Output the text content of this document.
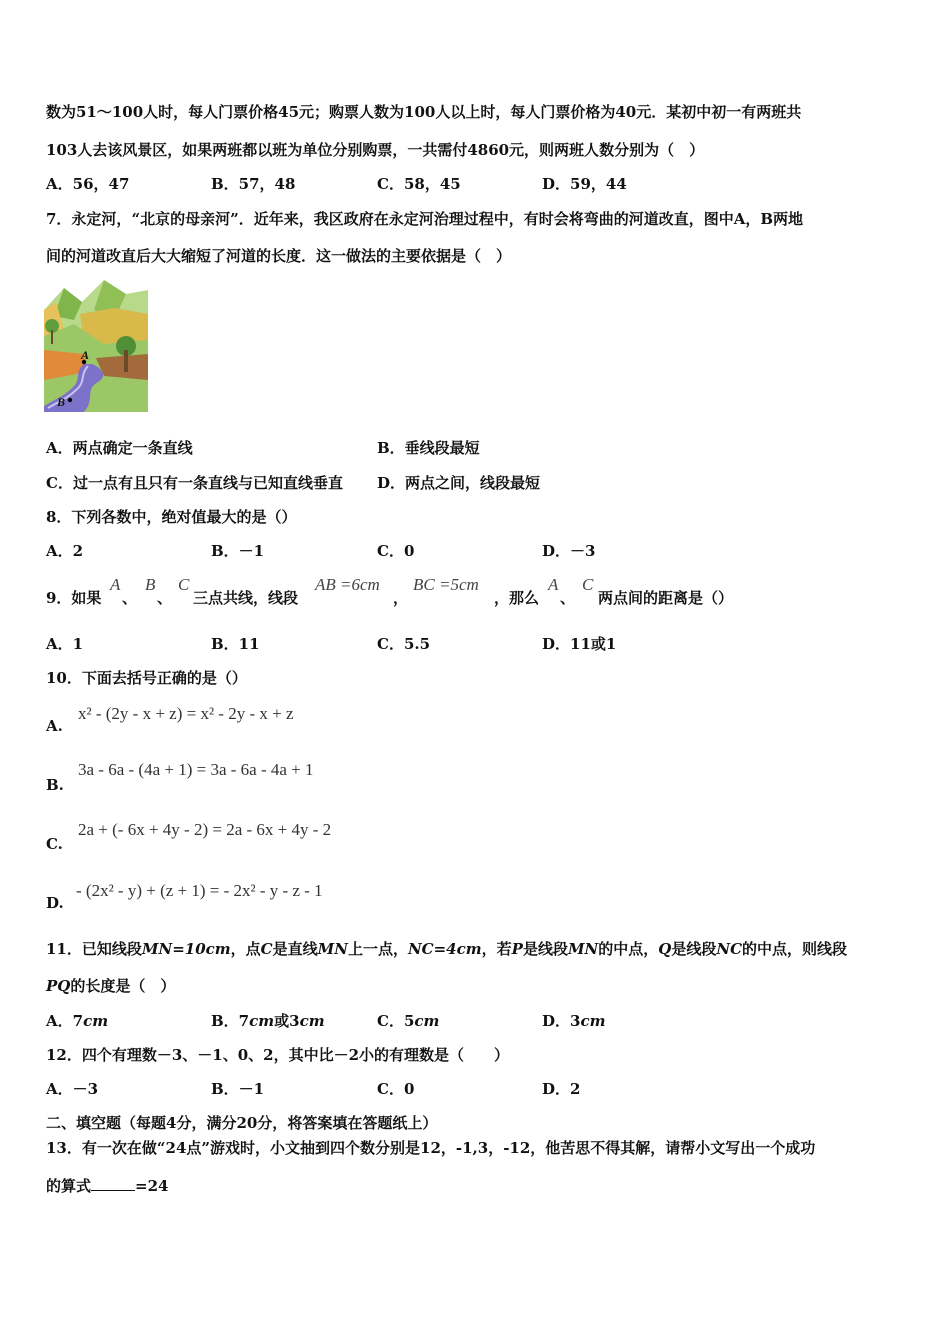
数为51～100人时，每人门票价格45元；购票人数为100人以上时，每人门票价格为40元．某初中初一有两班共
103人去该风景区，如果两班都以班为单位分别购票，一共需付4860元，则两班人数分别为（　）
A．56，47	B．57，48	C．58，45	D．59，44
7．永定河，“北京的母亲河”．近年来，我区政府在永定河治理过程中，有时会将弯曲的河道改直，图中A，B两地
间的河道改直后大大缩短了河道的长度．这一做法的主要依据是（　）
A
B
A．两点确定一条直线	B．垂线段最短
C．过一点有且只有一条直线与已知直线垂直 D．两点之间，线段最短
8．下列各数中，绝对值最大的是（）
A．2	B．－1	C．0	D．－3
9．如果
A
、
B
、
C
三点共线，线段
AB =6cm
，
BC =5cm
，那么
A
、
C
两点间的距离是（）
A．1	B．11	C．5.5	D．11或1
10．下面去括号正确的是（）
A.
x² - (2y - x + z) = x² - 2y - x + z
B.
3a - 6a - (4a + 1) = 3a - 6a - 4a + 1
C.
2a + (- 6x + 4y - 2) = 2a - 6x + 4y - 2
D.
- (2x² - y) + (z + 1) = - 2x² - y - z - 1
11．已知线段MN=10cm，点C是直线MN上一点，NC=4cm，若P是线段MN的中点，Q是线段NC的中点，则线段
PQ的长度是（　）
A．7cm	B．7cm或3cm	C．5cm	D．3cm
12．四个有理数－3、－1、0、2，其中比－2小的有理数是（　　）
A．－3	B．－1	C．0	D．2
二、填空题（每题4分，满分20分，将答案填在答题纸上）
13．有一次在做“24点”游戏时，小文抽到四个数分别是12，-1,3，-12，他苦思不得其解，请帮小文写出一个成功
的算式	=24
